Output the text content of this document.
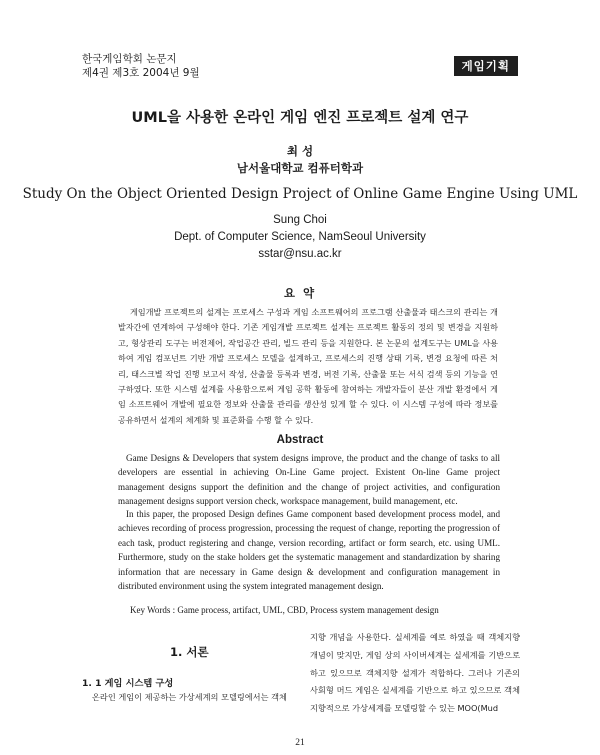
한국게임학회 논문지
제4권 제3호 2004년 9월	게임기획
UML을 사용한 온라인 게임 엔진 프로젝트 설계 연구
최 성
남서울대학교 컴퓨터학과
Study On the Object Oriented Design Project of Online Game Engine Using UML
Sung Choi
Dept. of Computer Science, NamSeoul University
sstar@nsu.ac.kr
요 약

게임개발 프로젝트의 설계는 프로세스 구성과 게임 소프트웨어의 프로그램 산출물과 태스크의 관리는 개발자간에 연계하여 구성해야 한다. 기존 게임개발 프로젝트 설계는 프로젝트 활동의 정의 및 변경을 지원하고, 형상관리 도구는 버전제어, 작업공간 관리, 빌드 관리 등을 지원한다. 본 논문의 설계도구는 UML을 사용하여 게임 컴포넌트 기반 개발 프로세스 모델을 설계하고, 프로세스의 진행 상태 기록, 변경 요청에 따른 처리, 태스크별 작업 진행 보고서 작성, 산출물 등록과 변경, 버전 기록, 산출물 또는 서식 검색 등의 기능을 연구하였다. 또한 시스템 설계를 사용함으로써 게임 공학 활동에 참여하는 개발자들이 분산 개발 환경에서 게임 소프트웨어 개발에 필요한 정보와 산출물 관리를 생산성 있게 할 수 있다. 이 시스템 구성에 따라 정보를 공유하면서 설계의 체계화 및 표준화를 수행 할 수 있다.

Abstract

Game Designs & Developers that system designs improve, the product and the change of tasks to all developers are essential in achieving On-Line Game project. Existent On-line Game project management designs support the definition and the change of project activities, and configuration management designs support version check, workspace management, build management, etc.

In this paper, the proposed Design defines Game component based development process model, and achieves recording of process progression, processing the request of change, reporting the progression of each task, product registering and change, version recording, artifact or form search, etc. using UML. Furthermore, study on the stake holders get the systematic management and standardization by sharing information that are necessary in Game design & development and configuration management in distributed environment using the system integrated management design.

Key Words : Game process, artifact, UML, CBD, Process system management design
1. 서론
1. 1 게임 시스템 구성

온라인 게임이 제공하는 가상세계의 모델링에서는 객체

지향 개념을 사용한다. 실세계를 예로 하였을 때 객체지향 개념이 맞지만, 게임 상의 사이버세계는 실세계를 기반으로 하고 있으므로 객체지향 설계가 적합하다. 그러나 기존의 사회형 머드 게임은 실세계를 기반으로 하고 있으므로 객체 지향적으로 가상세계를 모델링할 수 있는 MOO(Mud

21
